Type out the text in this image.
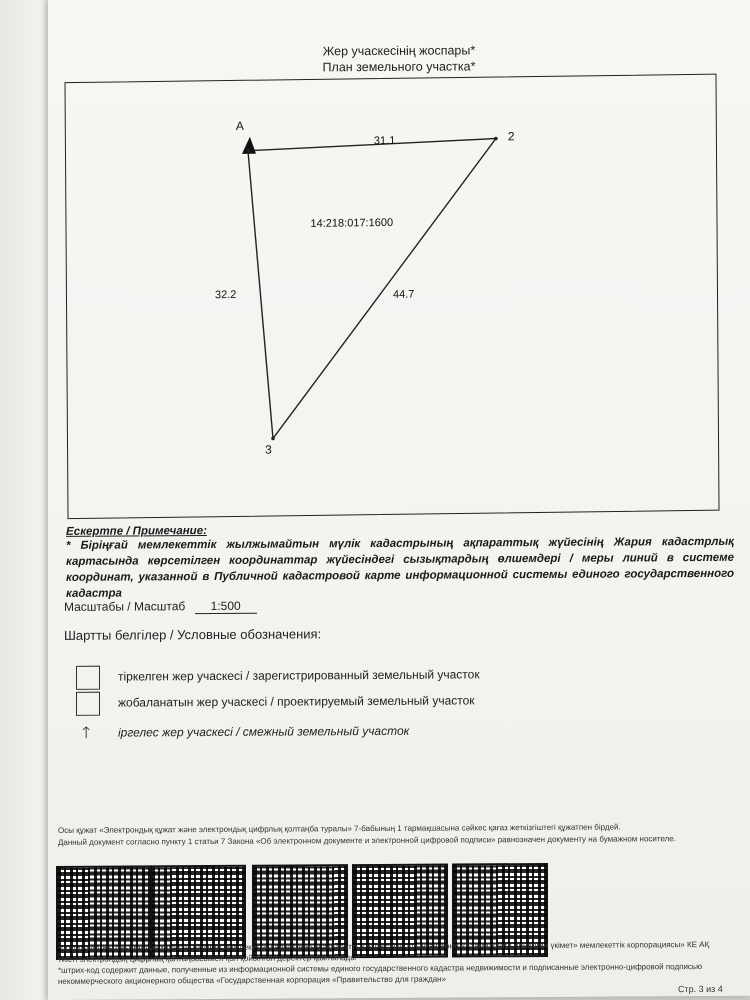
Жер учаскесінің жоспары*
План земельного участка*
A
2
3
31.1
44.7
32.2
14:218:017:1600
Ескертпе / Примечание:
* Біріңғай мемлекеттік жылжымайтын мүлік кадастрының ақпараттық жүйесінің Жария кадастрлық картасында көрсетілген координаттар жүйесіндегі сызықтардың өлшемдері / меры линий в системе координат, указанной в Публичной кадастровой карте информационной системы единого государственного кадастра
Масштабы / Масштаб 1:500
Шартты белгілер / Условные обозначения:
тіркелген жер учаскесі / зарегистрированный земельный участок
жобаланатын жер учаскесі / проектируемый земельный участок
🡑 іргелес жер учаскесі / смежный земельный участок
Осы құжат «Электрондық құжат және электрондық цифрлық қолтаңба туралы» 7-бабының 1 тармақшасына сәйкес қағаз жеткізгіштегі құжатпен бірдей.
Данный документ согласно пункту 1 статьи 7 Закона «Об электронном документе и электронной цифровой подписи» равнозначен документу на бумажном носителе.
*штрих-код Жылжымайтын мүліктің біріңғай мемлекеттік кадастрының ақпараттық жүйесінен алынған және «Азаматтарға арналған үкімет» мемлекеттік корпорациясы» КЕ АҚ
тиісті электрондық-цифрлық қолтаңбасымен қол қойылған деректер қамтылады
*штрих-код содержит данные, полученные из информационной системы единого государственного кадастра недвижимости и подписанные электронно-цифровой подписью
некоммерческого акционерного общества «Государственная корпорация «Правительство для граждан»
Стр. 3 из 4
